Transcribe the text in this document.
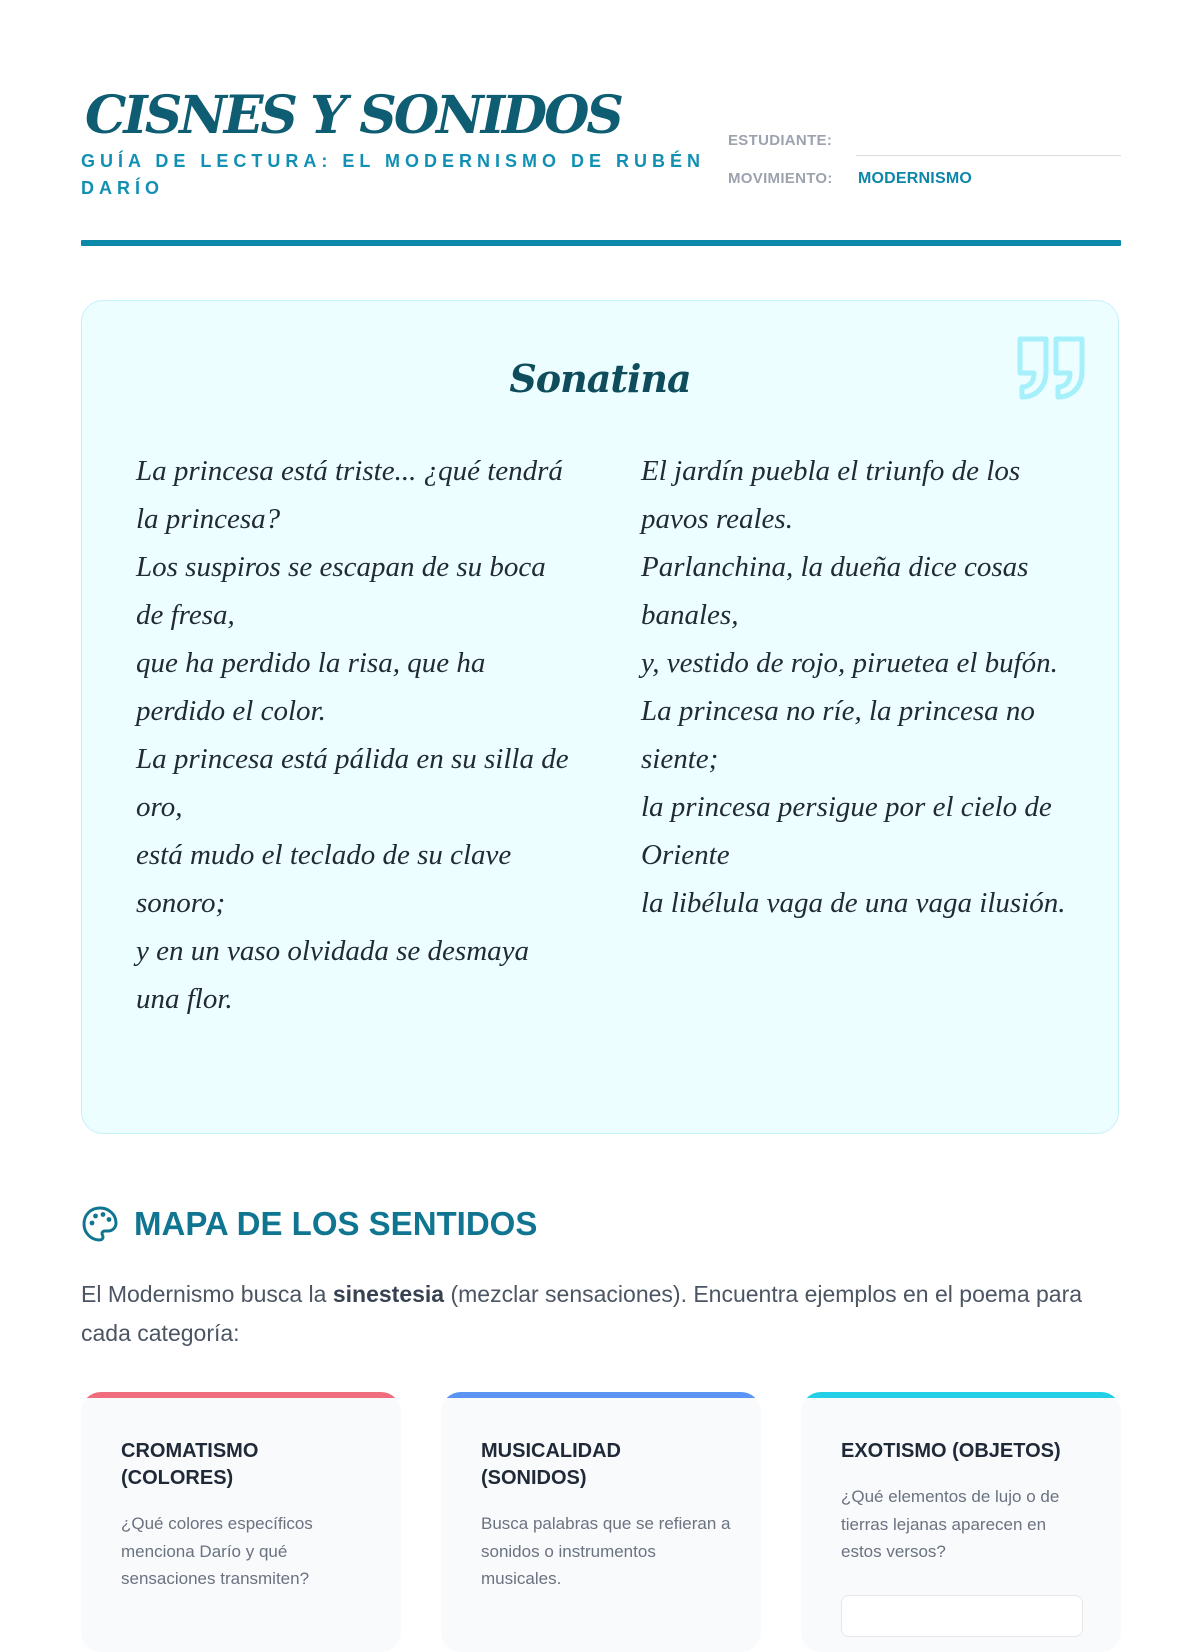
CISNES Y SONIDOS
GUÍA DE LECTURA: EL MODERNISMO DE RUBÉN DARÍO
ESTUDIANTE:
MOVIMIENTO: MODERNISMO
Sonatina
La princesa está triste... ¿qué tendrá la princesa?
Los suspiros se escapan de su boca de fresa,
que ha perdido la risa, que ha perdido el color.
La princesa está pálida en su silla de oro,
está mudo el teclado de su clave sonoro;
y en un vaso olvidada se desmaya una flor.
El jardín puebla el triunfo de los pavos reales.
Parlanchina, la dueña dice cosas banales,
y, vestido de rojo, piruetea el bufón.
La princesa no ríe, la princesa no siente;
la princesa persigue por el cielo de Oriente
la libélula vaga de una vaga ilusión.
MAPA DE LOS SENTIDOS
El Modernismo busca la sinestesia (mezclar sensaciones). Encuentra ejemplos en el poema para cada categoría:
CROMATISMO (COLORES)
¿Qué colores específicos menciona Darío y qué sensaciones transmiten?
MUSICALIDAD (SONIDOS)
Busca palabras que se refieran a sonidos o instrumentos musicales.
EXOTISMO (OBJETOS)
¿Qué elementos de lujo o de tierras lejanas aparecen en estos versos?
